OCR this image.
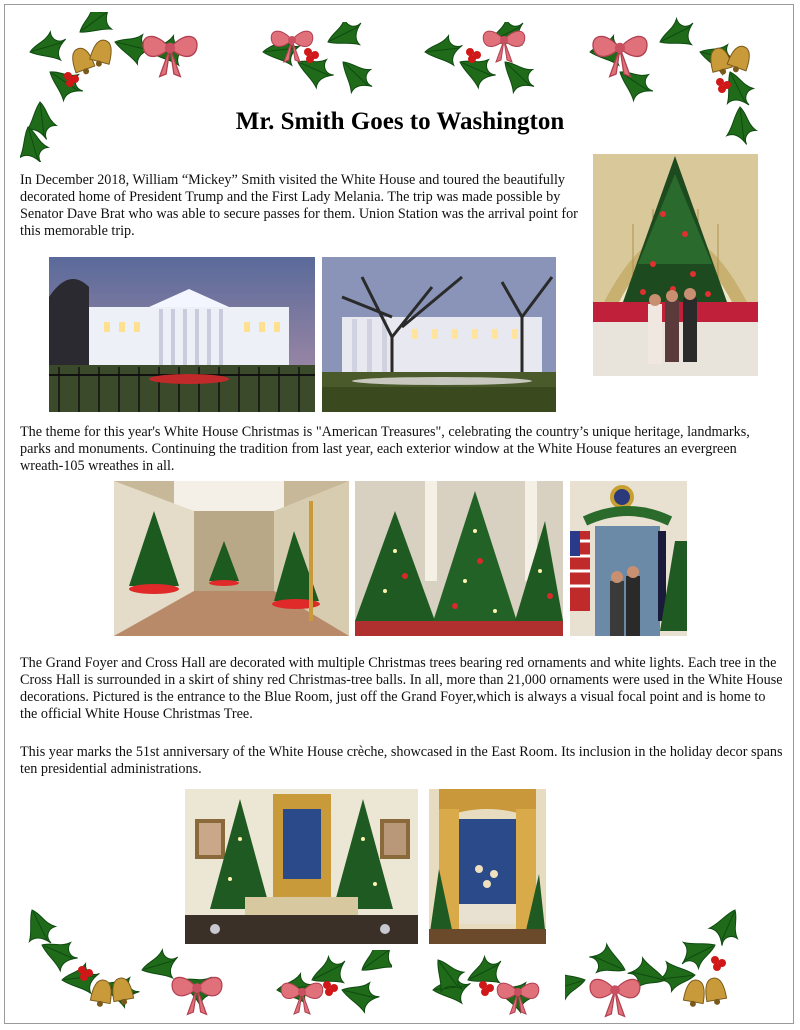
Mr. Smith Goes to Washington

In December 2018, William “Mickey” Smith visited the White House and toured the beautifully decorated home of President Trump and the First Lady Melania. The trip was made possible by Senator Dave Brat who was able to secure passes for them. Union Station was the arrival point for this memorable trip.

The theme for this year's White House Christmas is "American Treasures", celebrating the country’s unique heritage, landmarks, parks and monuments. Continuing the tradition from last year, each exterior window at the White House features an evergreen wreath-105 wreathes in all.

The Grand Foyer and Cross Hall are decorated with multiple Christmas trees bearing red ornaments and white lights. Each tree in the Cross Hall is surrounded in a skirt of shiny red Christmas-tree balls. In all, more than 21,000 ornaments were used in the White House decorations. Pictured is the entrance to the Blue Room, just off the Grand Foyer,which is always a visual focal point and is home to the official White House Christmas Tree.

This year marks the 51st anniversary of the White House crèche, showcased in the East Room. Its inclusion in the holiday decor spans ten presidential administrations.
